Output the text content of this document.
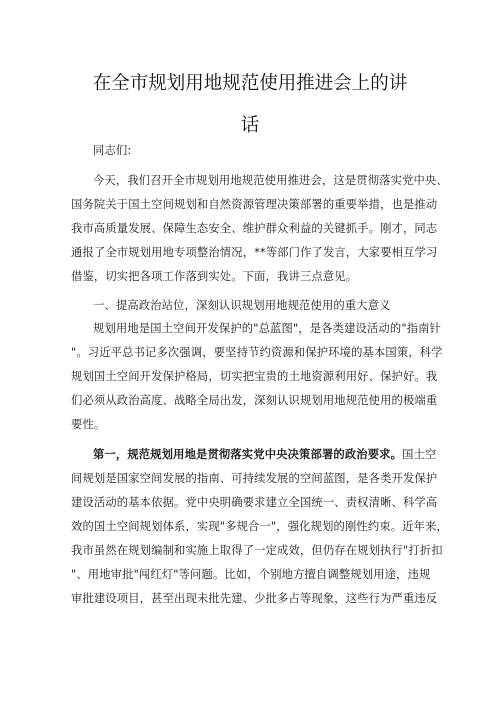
在全市规划用地规范使用推进会上的讲
话
同志们:
今天，我们召开全市规划用地规范使用推进会，这是贯彻落实党中央、
国务院关于国土空间规划和自然资源管理决策部署的重要举措，也是推动
我市高质量发展、保障生态安全、维护群众利益的关键抓手。刚才，同志
通报了全市规划用地专项整治情况，**等部门作了发言，大家要相互学习
借鉴，切实把各项工作落到实处。下面，我讲三点意见。
一、提高政治站位，深刻认识规划用地规范使用的重大意义
规划用地是国土空间开发保护的"总蓝图"，是各类建设活动的"指南针
"。习近平总书记多次强调，要坚持节约资源和保护环境的基本国策，科学
规划国土空间开发保护格局，切实把宝贵的土地资源利用好、保护好。我
们必须从政治高度、战略全局出发，深刻认识规划用地规范使用的极端重
要性。
第一，规范规划用地是贯彻落实党中央决策部署的政治要求。国土空
间规划是国家空间发展的指南、可持续发展的空间蓝图，是各类开发保护
建设活动的基本依据。党中央明确要求建立全国统一、责权清晰、科学高
效的国土空间规划体系，实现"多规合一"，强化规划的刚性约束。近年来，
我市虽然在规划编制和实施上取得了一定成效，但仍存在规划执行"打折扣
"、用地审批"闯红灯"等问题。比如，个别地方擅自调整规划用途，违规
审批建设项目，甚至出现未批先建、少批多占等现象，这些行为严重违反
